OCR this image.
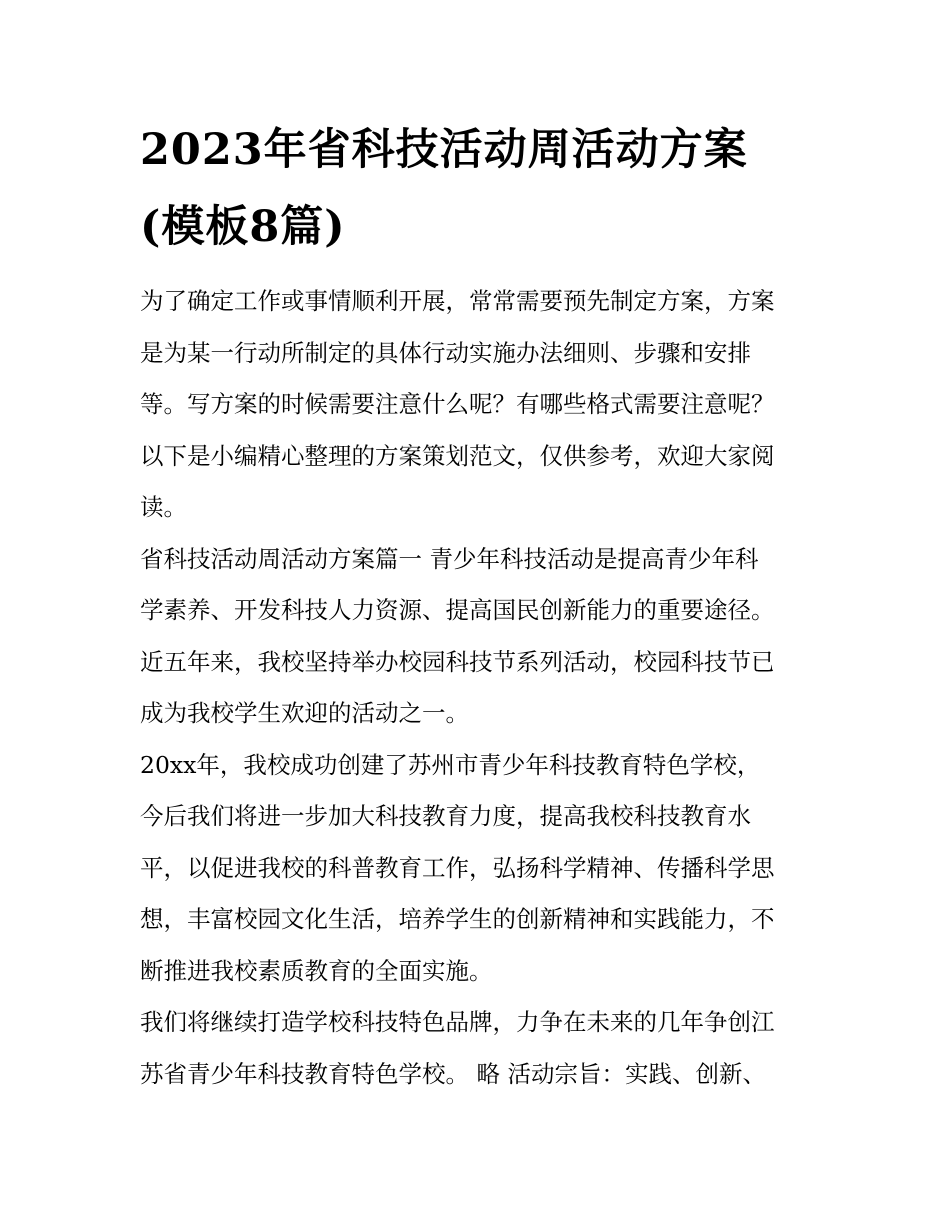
2023年省科技活动周活动方案
(模板8篇)
为了确定工作或事情顺利开展，常常需要预先制定方案，方案
是为某一行动所制定的具体行动实施办法细则、步骤和安排
等。写方案的时候需要注意什么呢？有哪些格式需要注意呢？
以下是小编精心整理的方案策划范文，仅供参考，欢迎大家阅
读。
省科技活动周活动方案篇一 青少年科技活动是提高青少年科
学素养、开发科技人力资源、提高国民创新能力的重要途径。
近五年来，我校坚持举办校园科技节系列活动，校园科技节已
成为我校学生欢迎的活动之一。
20xx年，我校成功创建了苏州市青少年科技教育特色学校，
今后我们将进一步加大科技教育力度，提高我校科技教育水
平，以促进我校的科普教育工作，弘扬科学精神、传播科学思
想，丰富校园文化生活，培养学生的创新精神和实践能力，不
断推进我校素质教育的全面实施。
我们将继续打造学校科技特色品牌，力争在未来的几年争创江
苏省青少年科技教育特色学校。 略 活动宗旨：实践、创新、
